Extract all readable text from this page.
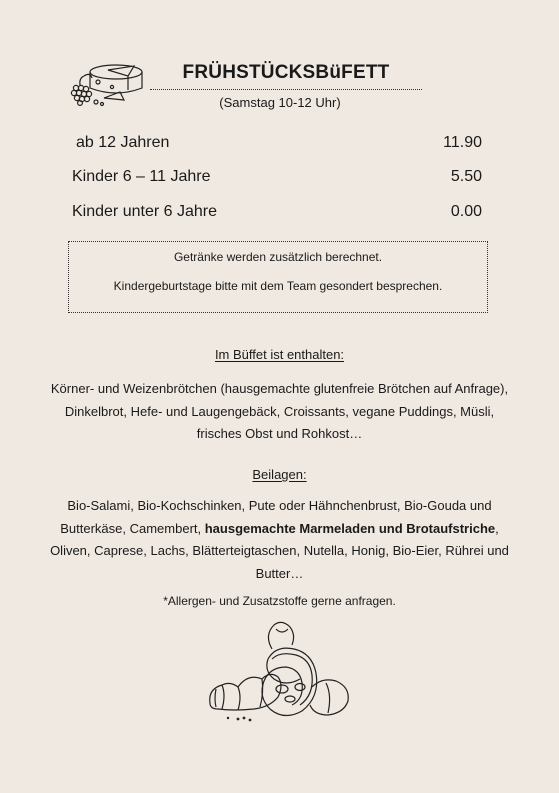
FRÜHSTÜCKSBüFETT
(Samstag 10-12 Uhr)
ab 12 Jahren	11.90
Kinder 6 – 11 Jahre	5.50
Kinder unter 6 Jahre	0.00
Getränke werden zusätzlich berechnet.
Kindergeburtstage bitte mit dem Team gesondert besprechen.
Im Büffet ist enthalten:
Körner- und Weizenbrötchen (hausgemachte glutenfreie Brötchen auf Anfrage), Dinkelbrot, Hefe- und Laugengebäck, Croissants, vegane Puddings, Müsli, frisches Obst und Rohkost…
Beilagen:
Bio-Salami, Bio-Kochschinken, Pute oder Hähnchenbrust, Bio-Gouda und Butterkäse, Camembert, hausgemachte Marmeladen und Brotaufstriche, Oliven, Caprese, Lachs, Blätterteigtaschen, Nutella, Honig, Bio-Eier, Rührei und Butter…
*Allergen- und Zusatzstoffe gerne anfragen.
